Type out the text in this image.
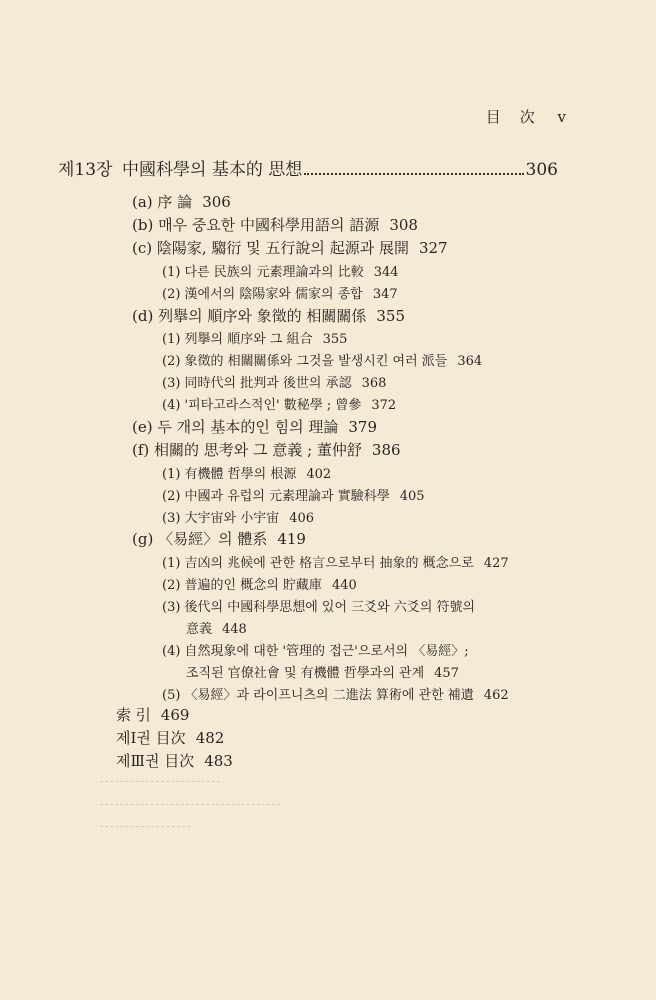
目　次 v
제13장 中國科學의 基本的 思想	306
(a) 序 論 306
(b) 매우 중요한 中國科學用語의 語源 308
(c) 陰陽家, 騶衍 및 五行說의 起源과 展開 327
(1) 다른 民族의 元素理論과의 比較 344
(2) 漢에서의 陰陽家와 儒家의 종합 347
(d) 列擧의 順序와 象徵的 相關關係 355
(1) 列擧의 順序와 그 組合 355
(2) 象徵的 相關關係와 그것을 발생시킨 여러 派들 364
(3) 同時代의 批判과 後世의 承認 368
(4) '피타고라스적인' 數秘學 ; 曾參 372
(e) 두 개의 基本的인 힘의 理論 379
(f) 相關的 思考와 그 意義 ; 董仲舒 386
(1) 有機體 哲學의 根源 402
(2) 中國과 유럽의 元素理論과 實驗科學 405
(3) 大宇宙와 小宇宙 406
(g) 〈易經〉의 體系 419
(1) 吉凶의 兆候에 관한 格言으로부터 抽象的 概念으로 427
(2) 普遍的인 概念의 貯藏庫 440
(3) 後代의 中國科學思想에 있어 三爻와 六爻의 符號의
意義 448
(4) 自然現象에 대한 '管理的 접근'으로서의 〈易經〉;
조직된 官僚社會 및 有機體 哲學과의 관계 457
(5) 〈易經〉과 라이프니츠의 二進法 算術에 관한 補遺 462
索 引 469
제Ⅰ권 目次 482
제Ⅲ권 目次 483
